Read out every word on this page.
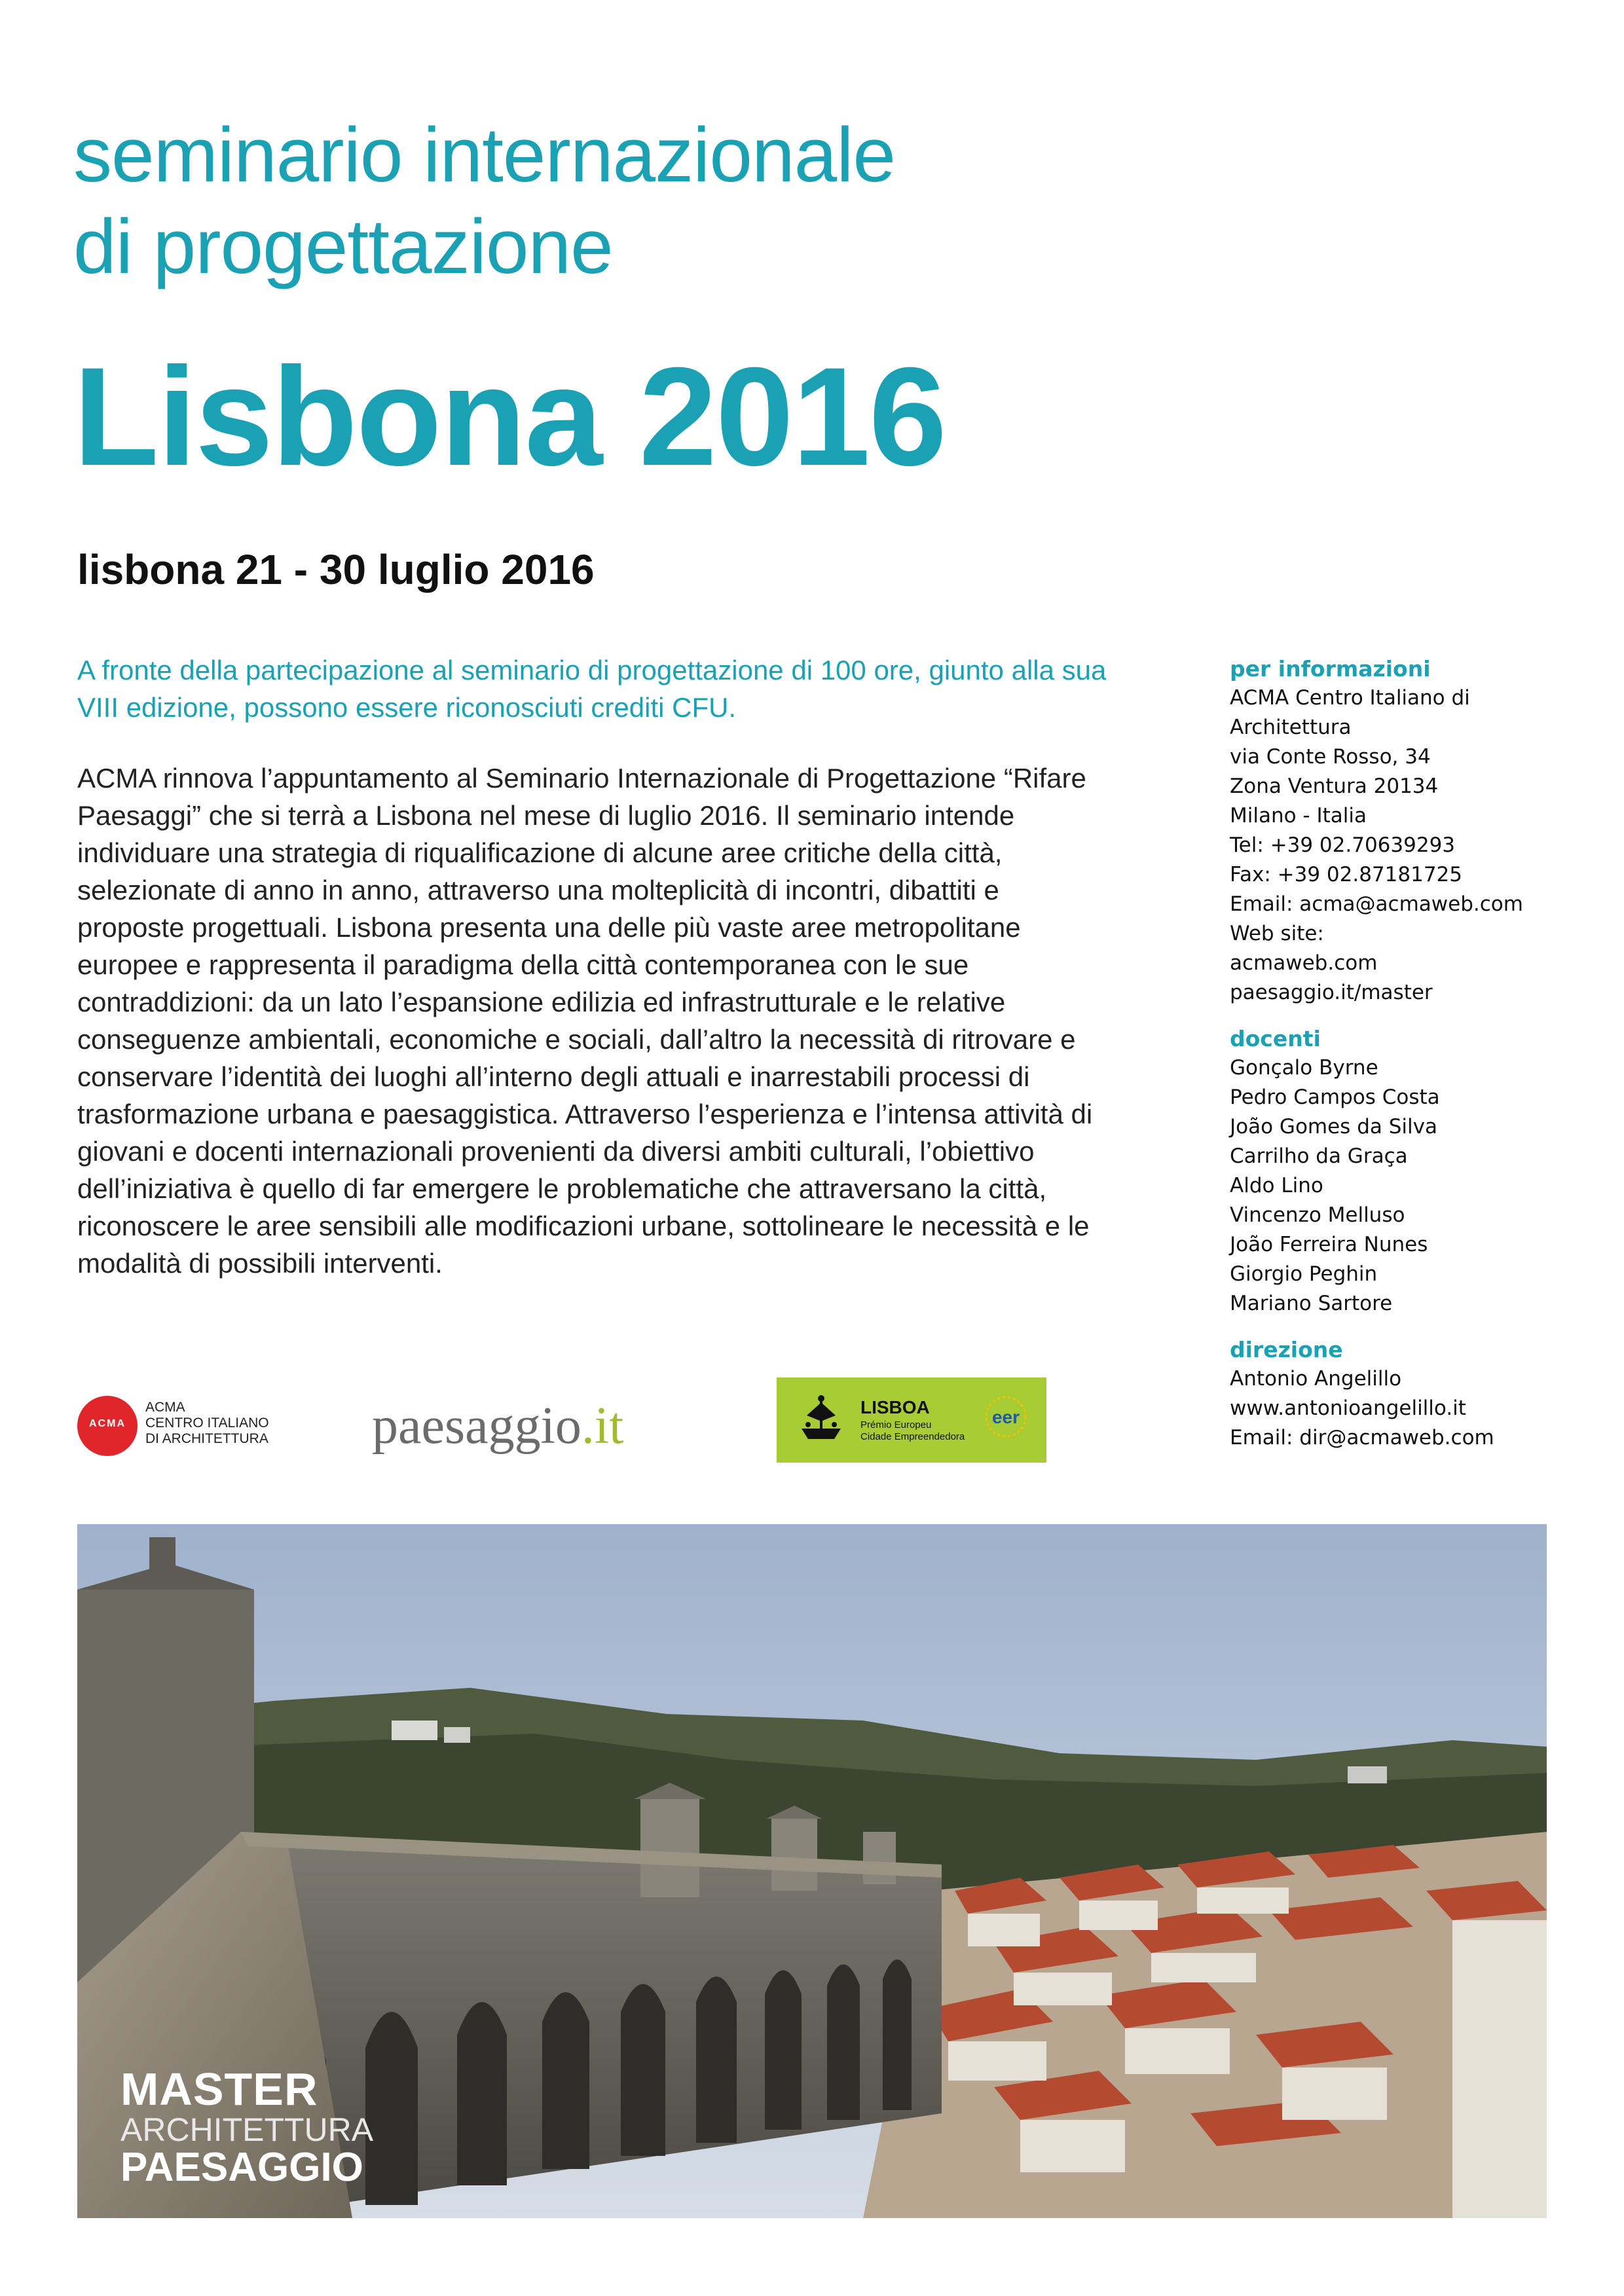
seminario internazionale
di progettazione
Lisbona 2016
lisbona 21 - 30 luglio 2016
A fronte della partecipazione al seminario di progettazione di 100 ore, giunto alla sua VIII edizione, possono essere riconosciuti crediti CFU.
ACMA rinnova l’appuntamento al Seminario Internazionale di Progettazione “Rifare Paesaggi” che si terrà a Lisbona nel mese di luglio 2016. Il seminario intende individuare una strategia di riqualificazione di alcune aree critiche della città, selezionate di anno in anno, attraverso una molteplicità di incontri, dibattiti e proposte progettuali. Lisbona presenta una delle più vaste aree metropolitane europee e rappresenta il paradigma della città contemporanea con le sue contraddizioni: da un lato l’espansione edilizia ed infrastrutturale e le relative conseguenze ambientali, economiche e sociali, dall’altro la necessità di ritrovare e conservare l’identità dei luoghi all’interno degli attuali e inarrestabili processi di trasformazione urbana e paesaggistica. Attraverso l’esperienza e l’intensa attività di giovani e docenti internazionali provenienti da diversi ambiti culturali, l’obiettivo dell’iniziativa è quello di far emergere le problematiche che attraversano la città, riconoscere le aree sensibili alle modificazioni urbane, sottolineare le necessità e le modalità di possibili interventi.
per informazioni
ACMA Centro Italiano di
Architettura
via Conte Rosso, 34
Zona Ventura 20134
Milano - Italia
Tel: +39 02.70639293
Fax: +39 02.87181725
Email: acma@acmaweb.com
Web site:
acmaweb.com
paesaggio.it/master
docenti
Gonçalo Byrne
Pedro Campos Costa
João Gomes da Silva
Carrilho da Graça
Aldo Lino
Vincenzo Melluso
João Ferreira Nunes
Giorgio Peghin
Mariano Sartore
direzione
Antonio Angelillo
www.antonioangelillo.it
Email: dir@acmaweb.com
ACMA
ACMA
CENTRO ITALIANO
DI ARCHITETTURA paesaggio.it	LISBOA
Prémio Europeu
Cidade Empreendedora
eer
MASTER
ARCHITETTURA
PAESAGGIO
